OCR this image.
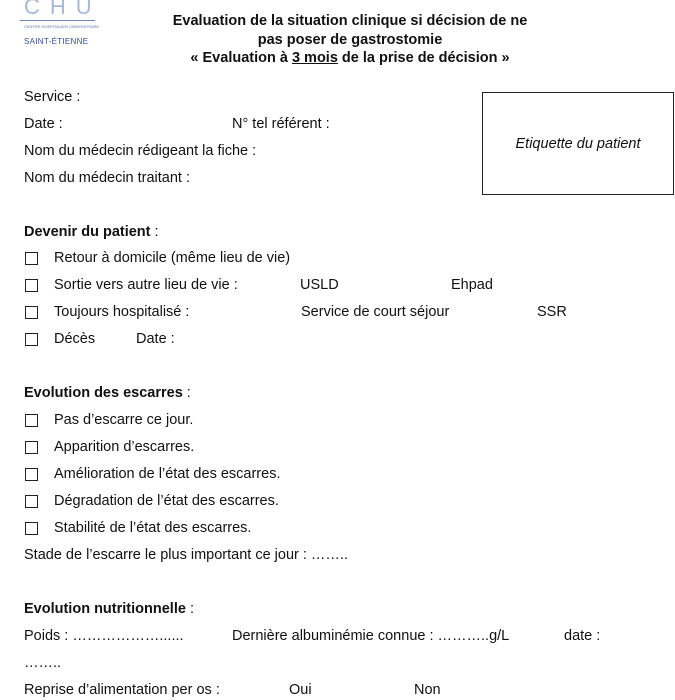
CHU
CENTRE HOSPITALIER UNIVERSITAIRE
SAINT-ÉTIENNE
Evaluation de la situation clinique si décision de ne
pas poser de gastrostomie
« Evaluation à 3 mois de la prise de décision »
Service :
Date :	N° tel référent :
Nom du médecin rédigeant la fiche :
Nom du médecin traitant :
Etiquette du patient
Devenir du patient :
Retour à domicile (même lieu de vie)
Sortie vers autre lieu de vie :	USLD	Ehpad
Toujours hospitalisé :	Service de court séjour	SSR
Décès	Date :
Evolution des escarres :
Pas d’escarre ce jour.
Apparition d’escarres.
Amélioration de l’état des escarres.
Dégradation de l’état des escarres.
Stabilité de l’état des escarres.
Stade de l’escarre le plus important ce jour : ……..
Evolution nutritionnelle :
Poids : ………………......	Dernière albuminémie connue : ………..g/L	date :
……..
Reprise d’alimentation per os :	Oui	Non
